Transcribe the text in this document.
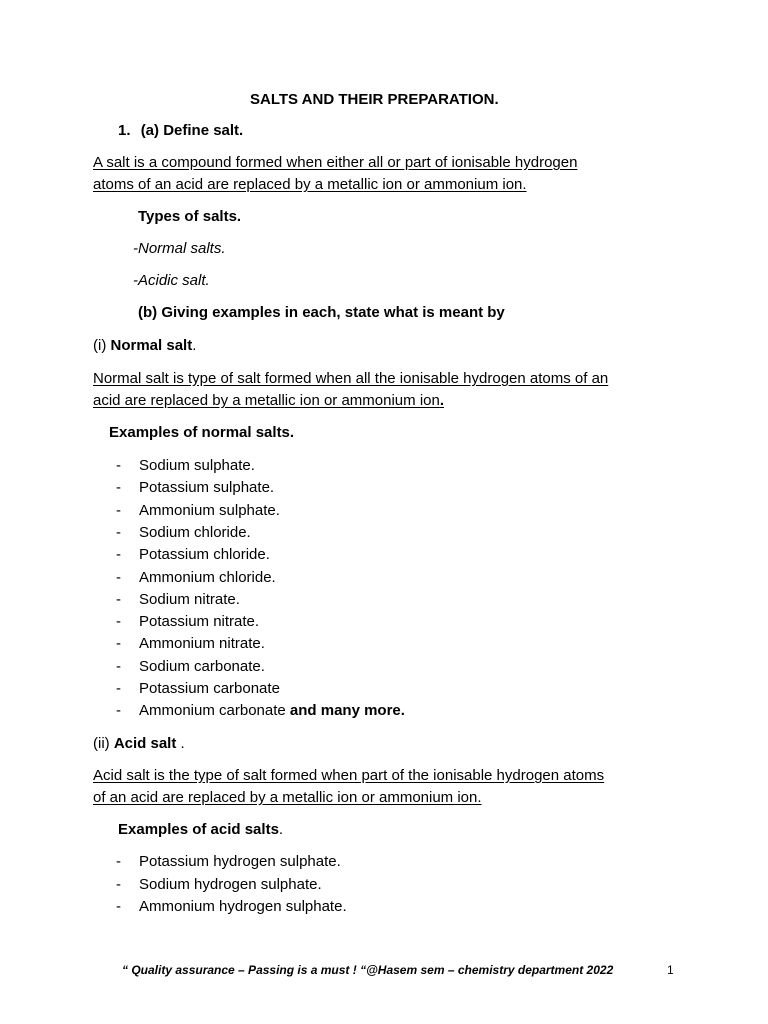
SALTS AND THEIR PREPARATION.
1. (a) Define salt.
A salt is a compound formed when either all or part of ionisable hydrogen
atoms of an acid are replaced by a metallic ion or ammonium ion.
Types of salts.
-Normal salts.
-Acidic salt.
(b) Giving examples in each, state what is meant by
(i) Normal salt.
Normal salt is type of salt formed when all the ionisable hydrogen atoms of an
acid are replaced by a metallic ion or ammonium ion.
Examples of normal salts.
- Sodium sulphate.
- Potassium sulphate.
- Ammonium sulphate.
- Sodium chloride.
- Potassium chloride.
- Ammonium chloride.
- Sodium nitrate.
- Potassium nitrate.
- Ammonium nitrate.
- Sodium carbonate.
- Potassium carbonate
- Ammonium carbonate and many more.
(ii) Acid salt .
Acid salt is the type of salt formed when part of the ionisable hydrogen atoms
of an acid are replaced by a metallic ion or ammonium ion.
Examples of acid salts.
- Potassium hydrogen sulphate.
- Sodium hydrogen sulphate.
- Ammonium hydrogen sulphate.
“ Quality assurance – Passing is a must ! “@Hasem sem – chemistry department 2022	1
